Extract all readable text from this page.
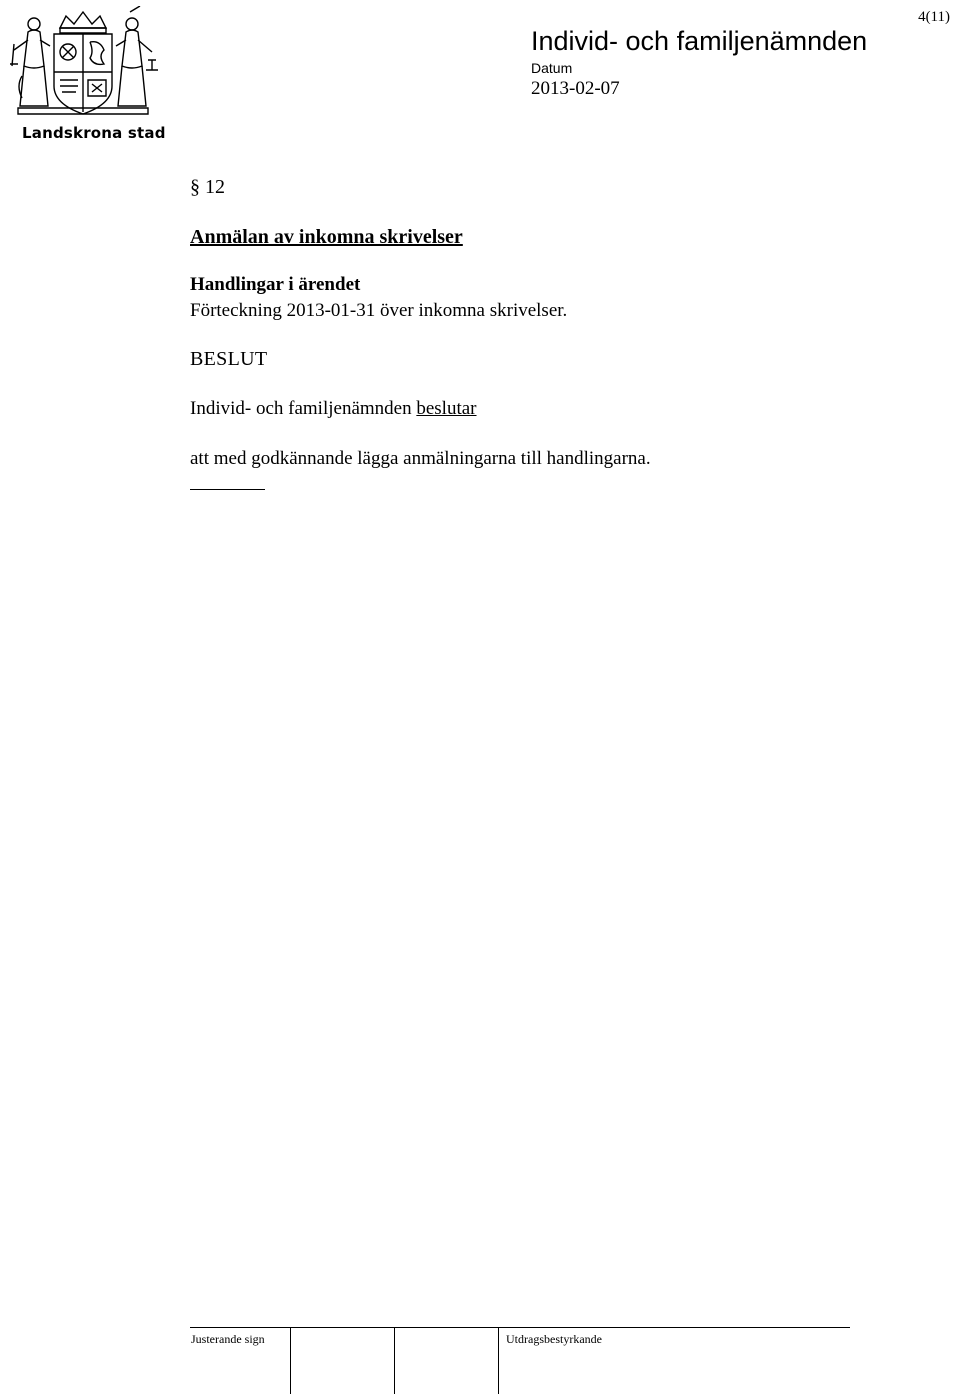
Landskrona stad
4(11)
Individ- och familjenämnden
Datum
2013-02-07
§ 12
Anmälan av inkomna skrivelser
Handlingar i ärendet
Förteckning 2013-01-31 över inkomna skrivelser.
BESLUT
Individ- och familjenämnden beslutar
att med godkännande lägga anmälningarna till handlingarna.
Justerande sign	Utdragsbestyrkande
